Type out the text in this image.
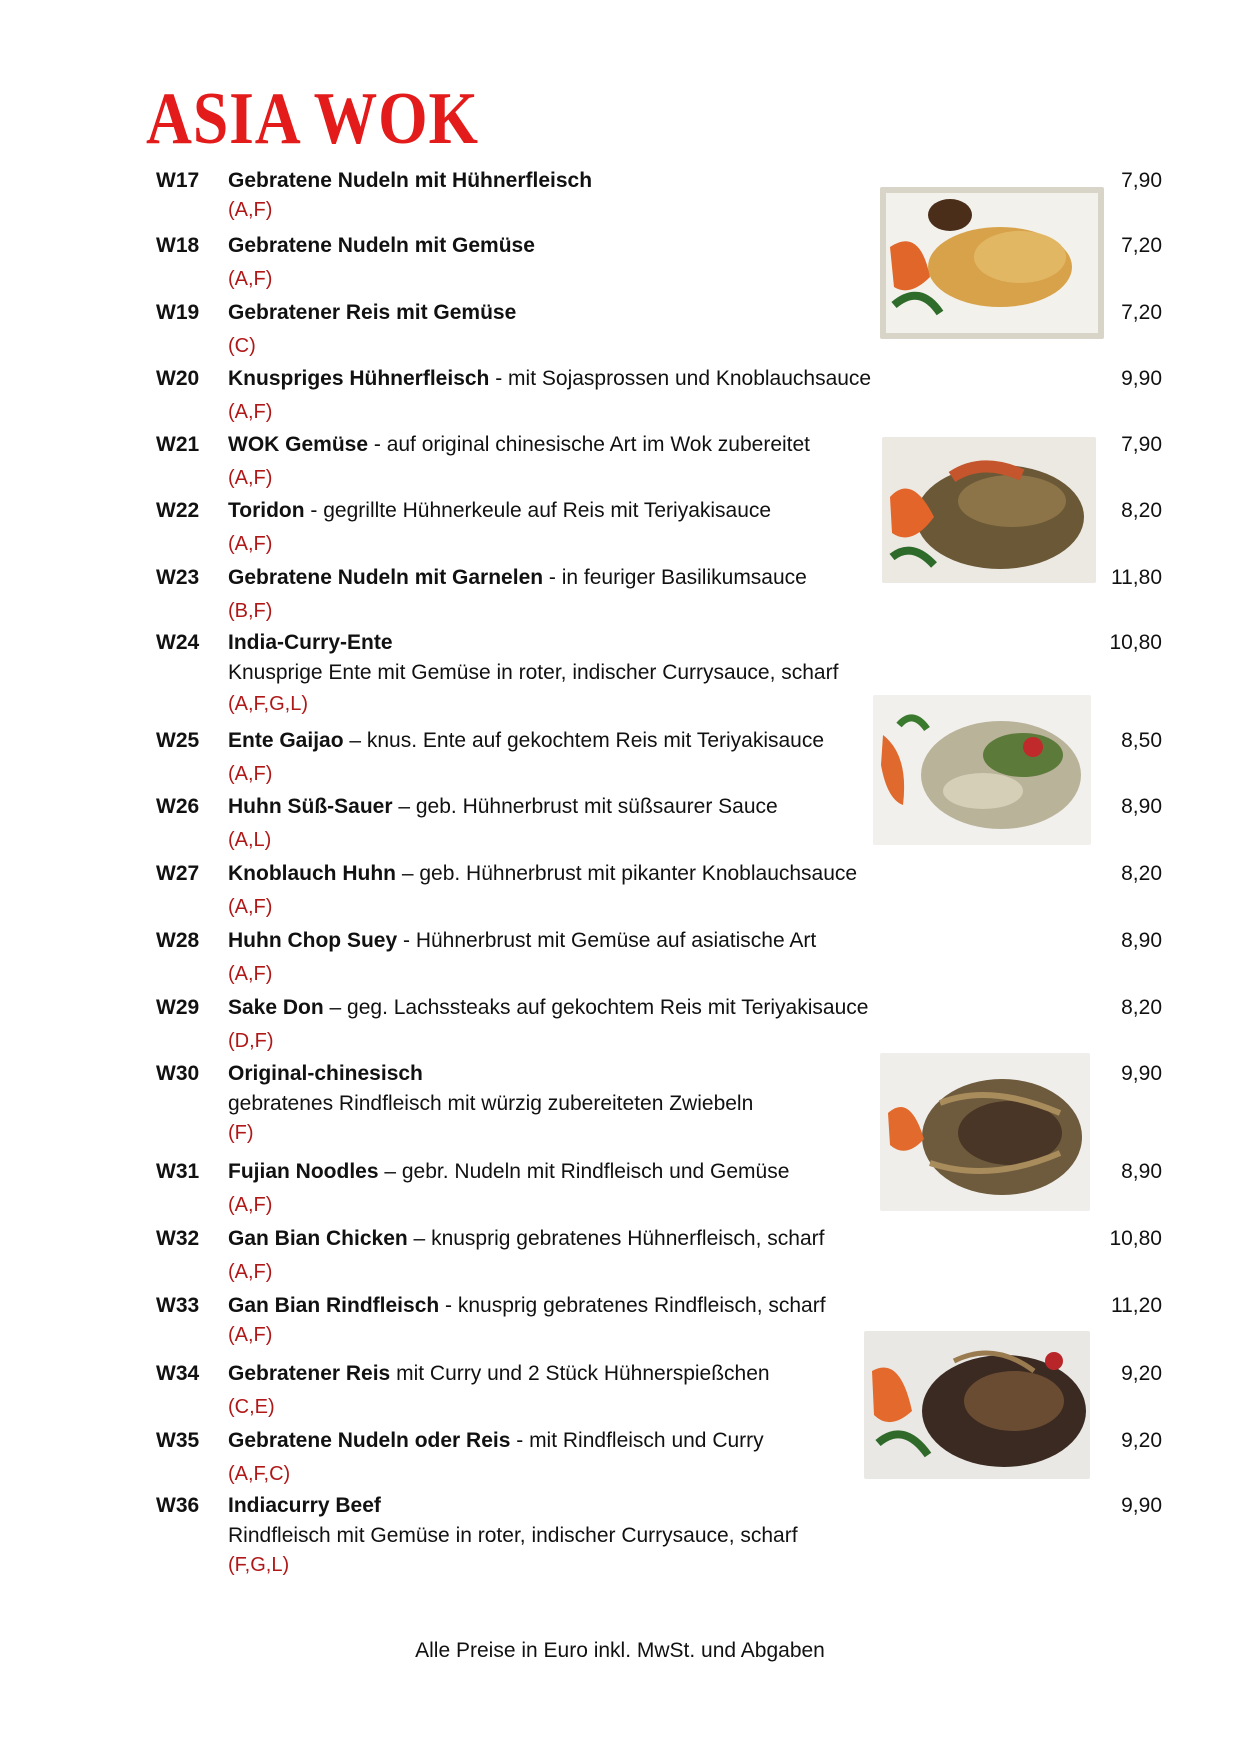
ASIA WOK
W17 Gebratene Nudeln mit Hühnerfleisch
(A,F)
7,90
W18 Gebratene Nudeln mit Gemüse
(A,F)
7,20
W19 Gebratener Reis mit Gemüse
(C)
7,20
W20 Knuspriges Hühnerfleisch - mit Sojasprossen und Knoblauchsauce
(A,F)
9,90
W21 WOK Gemüse - auf original chinesische Art im Wok zubereitet
(A,F)
7,90
W22 Toridon - gegrillte Hühnerkeule auf Reis mit Teriyakisauce
(A,F)
8,20
W23 Gebratene Nudeln mit Garnelen - in feuriger Basilikumsauce
(B,F)
11,80
W24 India-Curry-Ente
Knusprige Ente mit Gemüse in roter, indischer Currysauce, scharf
(A,F,G,L)
10,80
W25 Ente Gaijao – knus. Ente auf gekochtem Reis mit Teriyakisauce
(A,F)
8,50
W26 Huhn Süß-Sauer – geb. Hühnerbrust mit süßsaurer Sauce
(A,L)
8,90
W27 Knoblauch Huhn – geb. Hühnerbrust mit pikanter Knoblauchsauce
(A,F)
8,20
W28 Huhn Chop Suey - Hühnerbrust mit Gemüse auf asiatische Art
(A,F)
8,90
W29 Sake Don – geg. Lachssteaks auf gekochtem Reis mit Teriyakisauce
(D,F)
8,20
W30 Original-chinesisch
gebratenes Rindfleisch mit würzig zubereiteten Zwiebeln
(F)
9,90
W31 Fujian Noodles – gebr. Nudeln mit Rindfleisch und Gemüse
(A,F)
8,90
W32 Gan Bian Chicken – knusprig gebratenes Hühnerfleisch, scharf
(A,F)
10,80
W33 Gan Bian Rindfleisch - knusprig gebratenes Rindfleisch, scharf
(A,F)
11,20
W34 Gebratener Reis mit Curry und 2 Stück Hühnerspießchen
(C,E)
9,20
W35 Gebratene Nudeln oder Reis - mit Rindfleisch und Curry
(A,F,C)
9,20
W36 Indiacurry Beef
Rindfleisch mit Gemüse in roter, indischer Currysauce, scharf
(F,G,L)
9,90
Alle Preise in Euro inkl. MwSt. und Abgaben
